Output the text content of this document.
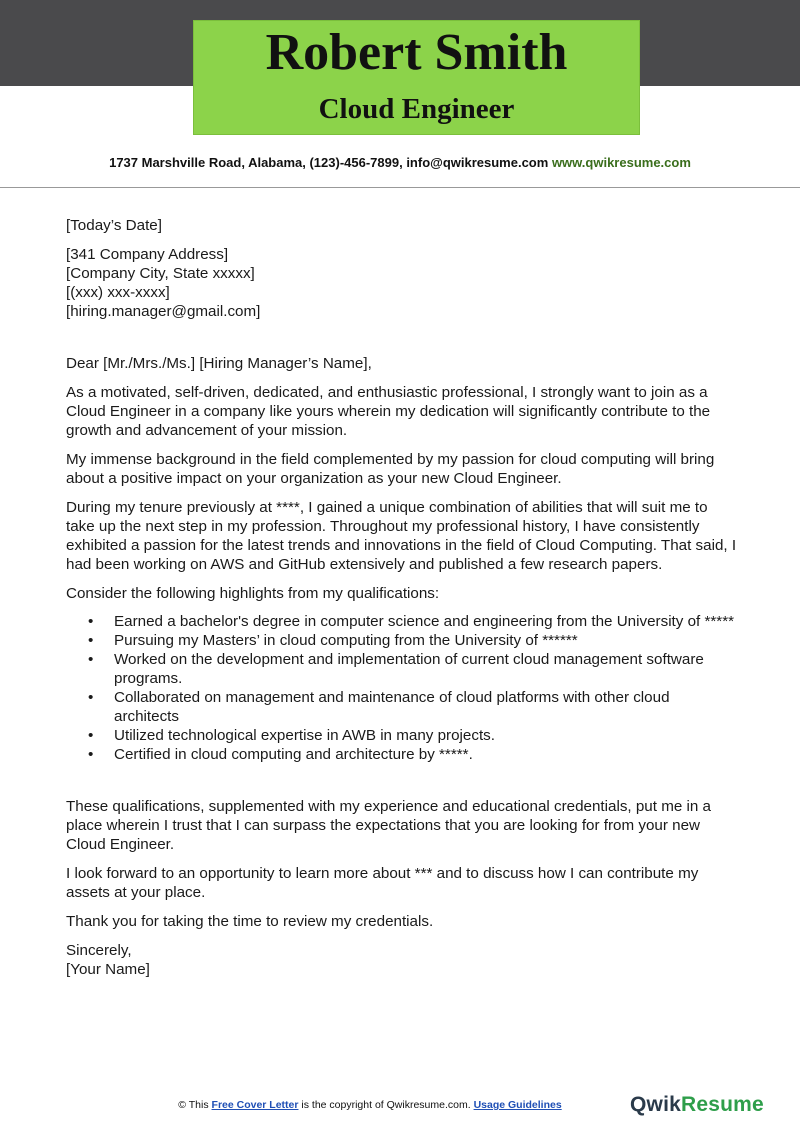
Robert Smith
Cloud Engineer
1737 Marshville Road, Alabama, (123)-456-7899, info@qwikresume.com www.qwikresume.com

[Today’s Date]

[341 Company Address]

[Company City, State xxxxx]

[(xxx) xxx-xxxx]

[hiring.manager@gmail.com]

Dear [Mr./Mrs./Ms.] [Hiring Manager’s Name],

As a motivated, self-driven, dedicated, and enthusiastic professional, I strongly want to join as a Cloud Engineer in a company like yours wherein my dedication will significantly contribute to the growth and advancement of your mission.

My immense background in the field complemented by my passion for cloud computing will bring about a positive impact on your organization as your new Cloud Engineer.

During my tenure previously at ****, I gained a unique combination of abilities that will suit me to take up the next step in my profession. Throughout my professional history, I have consistently exhibited a passion for the latest trends and innovations in the field of Cloud Computing. That said, I had been working on AWS and GitHub extensively and published a few research papers.

Consider the following highlights from my qualifications:

• Earned a bachelor's degree in computer science and engineering from the University of *****
• Pursuing my Masters’ in cloud computing from the University of ******
• Worked on the development and implementation of current cloud management software programs.
• Collaborated on management and maintenance of cloud platforms with other cloud architects
• Utilized technological expertise in AWB in many projects.
• Certified in cloud computing and architecture by *****.

These qualifications, supplemented with my experience and educational credentials, put me in a place wherein I trust that I can surpass the expectations that you are looking for from your new Cloud Engineer.

I look forward to an opportunity to learn more about *** and to discuss how I can contribute my assets at your place.

Thank you for taking the time to review my credentials.

Sincerely,

[Your Name]

© This Free Cover Letter is the copyright of Qwikresume.com. Usage Guidelines	QwikResume
